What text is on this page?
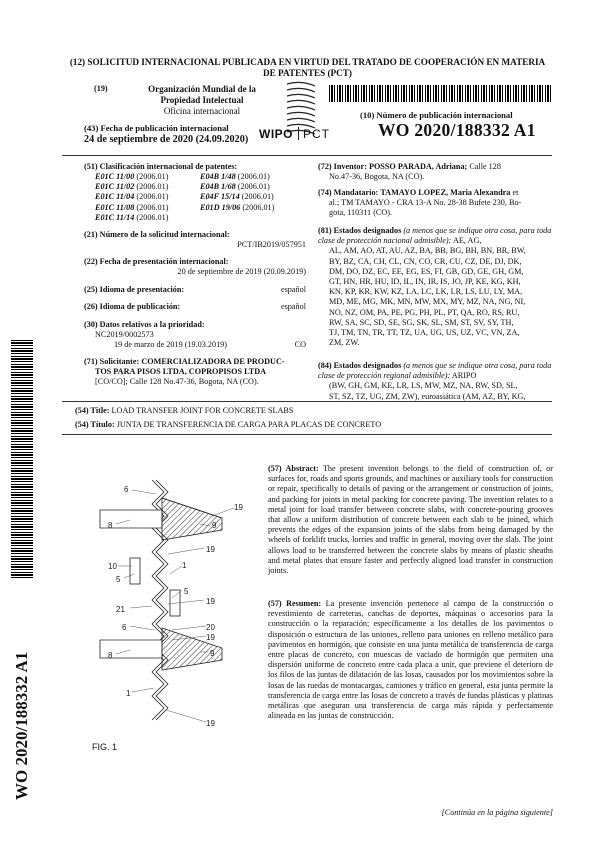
(12) SOLICITUD INTERNACIONAL PUBLICADA EN VIRTUD DEL TRATADO DE COOPERACIÓN EN MATERIA
DE PATENTES (PCT)
(19)	Organización Mundial de la
Propiedad Intelectual
Oficina internacional
WIPO PCT
(43) Fecha de publicación internacional
24 de septiembre de 2020 (24.09.2020)
(10) Número de publicación internacional
WO 2020/188332 A1
(51) Clasificación internacional de patentes:
E01C 11/00 (2006.01)	E04B 1/48 (2006.01)
E01C 11/02 (2006.01)	E04B 1/68 (2006.01)
E01C 11/04 (2006.01)	E04F 15/14 (2006.01)
E01C 11/08 (2006.01)	E01D 19/06 (2006.01)
E01C 11/14 (2006.01)
(21) Número de la solicitud internacional:
PCT/IB2019/057951
(22) Fecha de presentación internacional:
20 de septiembre de 2019 (20.09.2019)
(25) Idioma de presentación:	español
(26) Idioma de publicación:	español
(30) Datos relativos a la prioridad:
NC2019/0002573
19 de marzo de 2019 (19.03.2019)	CO
(71) Solicitante: COMERCIALIZADORA DE PRODUC-
TOS PARA PISOS LTDA, COPROPISOS LTDA
[CO/CO]; Calle 128 No.47-36, Bogota, NA (CO).
(72) Inventor: POSSO PARADA, Adriana; Calle 128
No.47-36, Bogota, NA (CO).
(74) Mandatario: TAMAYO LOPEZ, Maria Alexandra et
al.; TM TAMAYO - CRA 13-A No. 28-38 Bufete 230, Bo-
gota, 110311 (CO).
(81) Estados designados (a menos que se indique otra cosa, para toda clase de protección nacional admisible): AE, AG,
AL, AM, AO, AT, AU, AZ, BA, BB, BG, BH, BN, BR, BW,
BY, BZ, CA, CH, CL, CN, CO, CR, CU, CZ, DE, DJ, DK,
DM, DO, DZ, EC, EE, EG, ES, FI, GB, GD, GE, GH, GM,
GT, HN, HR, HU, ID, IL, IN, IR, IS, JO, JP, KE, KG, KH,
KN, KP, KR, KW, KZ, LA, LC, LK, LR, LS, LU, LY, MA,
MD, ME, MG, MK, MN, MW, MX, MY, MZ, NA, NG, NI,
NO, NZ, OM, PA, PE, PG, PH, PL, PT, QA, RO, RS, RU,
RW, SA, SC, SD, SE, SG, SK, SL, SM, ST, SV, SY, TH,
TJ, TM, TN, TR, TT, TZ, UA, UG, US, UZ, VC, VN, ZA,
ZM, ZW.
(84) Estados designados (a menos que se indique otra cosa, para toda clase de protección regional admisible): ARIPO
(BW, GH, GM, KE, LR, LS, MW, MZ, NA, RW, SD, SL,
ST, SZ, TZ, UG, ZM, ZW), euroasiática (AM, AZ, BY, KG,
WO 2020/188332 A1
(54) Title: LOAD TRANSFER JOINT FOR CONCRETE SLABS
(54) Título: JUNTA DE TRANSFERENCIA DE CARGA PARA PLACAS DE CONCRETO
6
19
8	9
19
10	1
5
5
19
21
6	20
19
8	9
1
19
FIG. 1
(57) Abstract: The present invention belongs to the field of construction of, or surfaces for, roads and sports grounds, and machines or auxiliary tools for construction or repair, specifically to details of paving or the arrangement or construction of joints, and packing for joints in metal packing for concrete paving. The invention relates to a metal joint for load transfer between concrete slabs, with concrete-pouring grooves that allow a uniform distribution of concrete between each slab to be joined, which prevents the edges of the expansion joints of the slabs from being damaged by the wheels of forklift trucks, lorries and traffic in general, moving over the slab. The joint allows load to be transferred between the concrete slabs by means of plastic sheaths and metal plates that ensure faster and perfectly aligned load transfer in construction joints.
(57) Resumen: La presente invención pertenece al campo de la construcción o revestimiento de carreteras, canchas de deportes, máquinas o accesorios para la construcción o la reparación; específicamente a los detalles de los pavimentos o disposición o estructura de las uniones, relleno para uniones en relleno metálico para pavimentos en hormigón, que consiste en una junta metálica de transferencia de carga entre placas de concreto, con muescas de vaciado de hormigón que permiten una dispersión uniforme de concreto entre cada placa a unir, que previene el deterioro de los filos de las juntas de dilatación de las losas, causados por los movimientos sobre la losas de las ruedas de montacargas, camiones y tráfico en general, esta junta permite la transferencia de carga entre las losas de concreto a través de fundas plásticas y platinas metálicas que aseguran una transferencia de carga más rápida y perfectamente alineada en las juntas de construcción.
[Continúa en la página siguiente]
